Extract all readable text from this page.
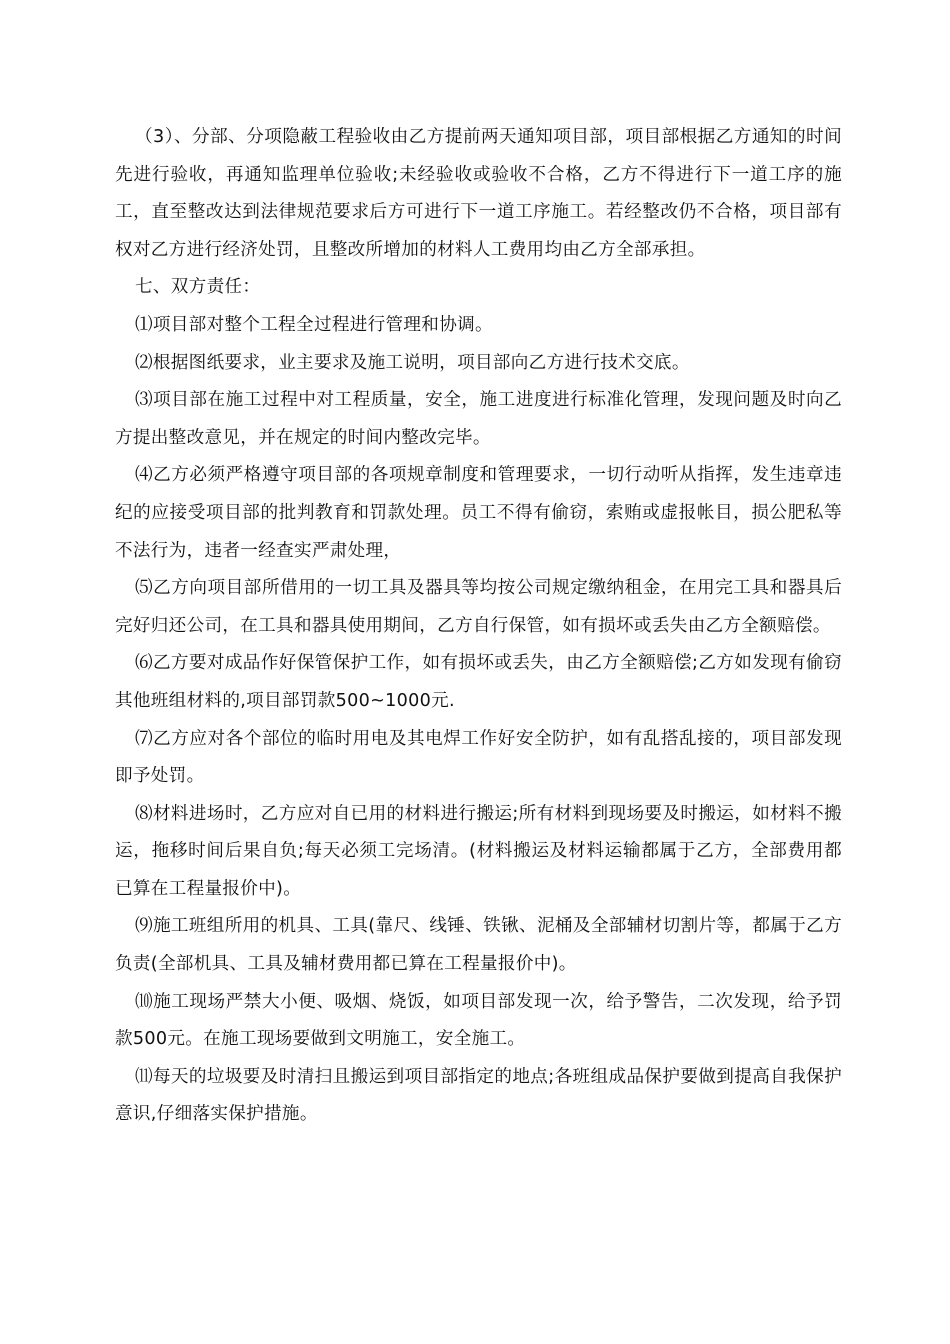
（3）、分部、分项隐蔽工程验收由乙方提前两天通知项目部，项目部根据乙方通知的时间先进行验收，再通知监理单位验收;未经验收或验收不合格，乙方不得进行下一道工序的施工，直至整改达到法律规范要求后方可进行下一道工序施工。若经整改仍不合格，项目部有权对乙方进行经济处罚，且整改所增加的材料人工费用均由乙方全部承担。

七、双方责任：

⑴项目部对整个工程全过程进行管理和协调。

⑵根据图纸要求，业主要求及施工说明，项目部向乙方进行技术交底。

⑶项目部在施工过程中对工程质量，安全，施工进度进行标准化管理，发现问题及时向乙方提出整改意见，并在规定的时间内整改完毕。

⑷乙方必须严格遵守项目部的各项规章制度和管理要求，一切行动听从指挥，发生违章违纪的应接受项目部的批判教育和罚款处理。员工不得有偷窃，索贿或虚报帐目，损公肥私等不法行为，违者一经查实严肃处理，

⑸乙方向项目部所借用的一切工具及器具等均按公司规定缴纳租金，在用完工具和器具后完好归还公司，在工具和器具使用期间，乙方自行保管，如有损坏或丢失由乙方全额赔偿。

⑹乙方要对成品作好保管保护工作，如有损坏或丢失，由乙方全额赔偿;乙方如发现有偷窃其他班组材料的,项目部罚款500~1000元.

⑺乙方应对各个部位的临时用电及其电焊工作好安全防护，如有乱搭乱接的，项目部发现即予处罚。

⑻材料进场时，乙方应对自已用的材料进行搬运;所有材料到现场要及时搬运，如材料不搬运，拖移时间后果自负;每天必须工完场清。(材料搬运及材料运输都属于乙方，全部费用都已算在工程量报价中)。

⑼施工班组所用的机具、工具(靠尺、线锤、铁锹、泥桶及全部辅材切割片等，都属于乙方负责(全部机具、工具及辅材费用都已算在工程量报价中)。

⑽施工现场严禁大小便、吸烟、烧饭，如项目部发现一次，给予警告，二次发现，给予罚款500元。在施工现场要做到文明施工，安全施工。

⑾每天的垃圾要及时清扫且搬运到项目部指定的地点;各班组成品保护要做到提高自我保护意识,仔细落实保护措施。
